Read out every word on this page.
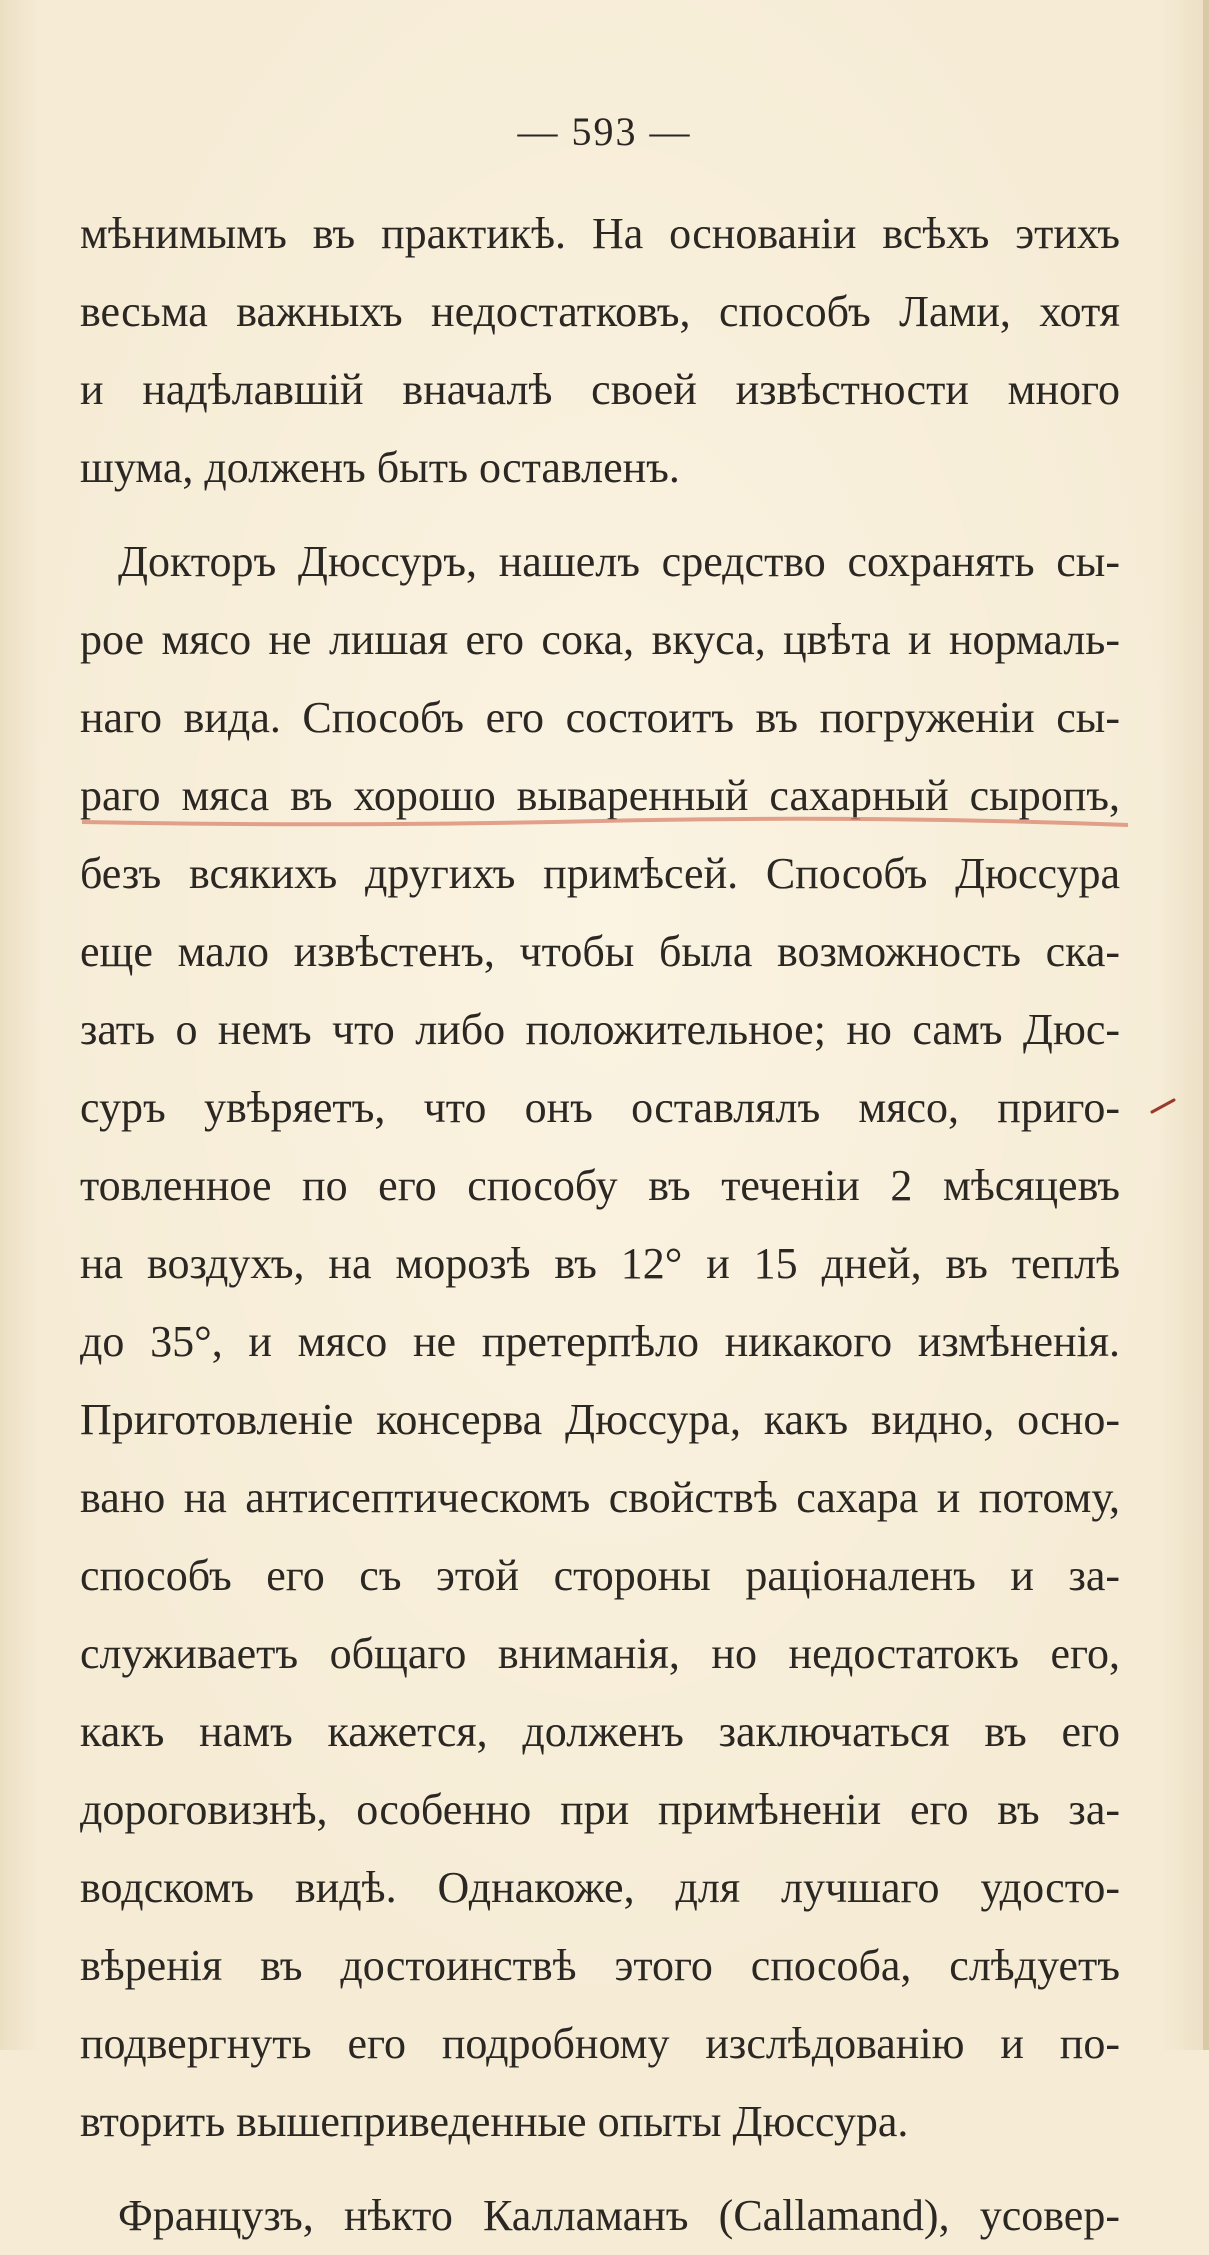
— 593 —
мѣнимымъ въ практикѣ. На основанiи всѣхъ этихъ
весьма важныхъ недостатковъ, способъ Лами, хотя
и надѣлавшiй вначалѣ своей извѣстности много
шума, долженъ быть оставленъ.
Докторъ Дюссуръ, нашелъ средство сохранять сы-
рое мясо не лишая его сока, вкуса, цвѣта и нормаль-
наго вида. Способъ его состоитъ въ погруженiи сы-
раго мяса въ хорошо вываренный сахарный сыропъ,
безъ всякихъ другихъ примѣсей. Способъ Дюссура
еще мало извѣстенъ, чтобы была возможность ска-
зать о немъ что либо положительное; но самъ Дюс-
суръ увѣряетъ, что онъ оставлялъ мясо, приго-
товленное по его способу въ теченiи 2 мѣсяцевъ
на воздухъ, на морозѣ въ 12° и 15 дней, въ теплѣ
до 35°, и мясо не претерпѣло никакого измѣненiя.
Приготовленiе консерва Дюссура, какъ видно, осно-
вано на антисептическомъ свойствѣ сахара и потому,
способъ его съ этой стороны рацiоналенъ и за-
служиваетъ общаго вниманiя, но недостатокъ его,
какъ намъ кажется, долженъ заключаться въ его
дороговизнѣ, особенно при примѣненiи его въ за-
водскомъ видѣ. Однакоже, для лучшаго удосто-
вѣренiя въ достоинствѣ этого способа, слѣдуетъ
подвергнуть его подробному изслѣдованiю и по-
вторить вышеприведенные опыты Дюссура.
Французъ, нѣкто Калламанъ (Callamand), усовер-
